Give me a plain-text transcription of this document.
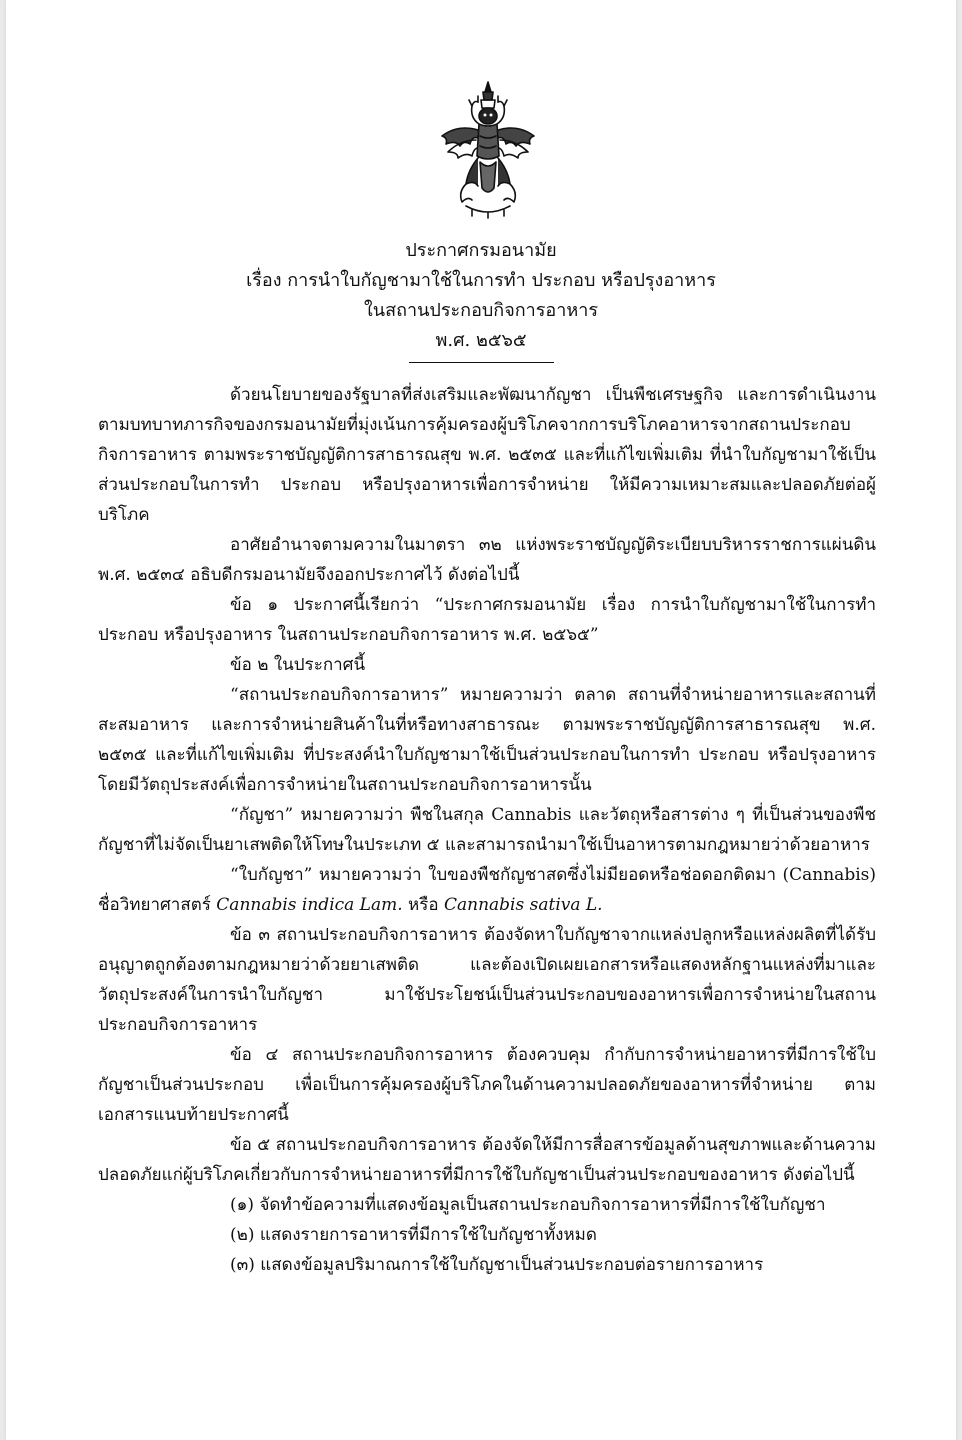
ประกาศกรมอนามัย

เรื่อง การนำใบกัญชามาใช้ในการทำ ประกอบ หรือปรุงอาหาร

ในสถานประกอบกิจการอาหาร

พ.ศ. ๒๕๖๕

ด้วยนโยบายของรัฐบาลที่ส่งเสริมและพัฒนากัญชา เป็นพืชเศรษฐกิจ และการดำเนินงานตามบทบาทภารกิจของกรมอนามัยที่มุ่งเน้นการคุ้มครองผู้บริโภคจากการบริโภคอาหารจากสถานประกอบกิจการอาหาร ตามพระราชบัญญัติการสาธารณสุข พ.ศ. ๒๕๓๕ และที่แก้ไขเพิ่มเติม ที่นำใบกัญชามาใช้เป็นส่วนประกอบในการทำ ประกอบ หรือปรุงอาหารเพื่อการจำหน่าย ให้มีความเหมาะสมและปลอดภัยต่อผู้บริโภค

อาศัยอำนาจตามความในมาตรา ๓๒ แห่งพระราชบัญญัติระเบียบบริหารราชการแผ่นดิน พ.ศ. ๒๕๓๔ อธิบดีกรมอนามัยจึงออกประกาศไว้ ดังต่อไปนี้

ข้อ ๑ ประกาศนี้เรียกว่า “ประกาศกรมอนามัย เรื่อง การนำใบกัญชามาใช้ในการทำ ประกอบ หรือปรุงอาหาร ในสถานประกอบกิจการอาหาร พ.ศ. ๒๕๖๕”

ข้อ ๒ ในประกาศนี้

“สถานประกอบกิจการอาหาร” หมายความว่า ตลาด สถานที่จำหน่ายอาหารและสถานที่สะสมอาหาร และการจำหน่ายสินค้าในที่หรือทางสาธารณะ ตามพระราชบัญญัติการสาธารณสุข พ.ศ. ๒๕๓๕ และที่แก้ไขเพิ่มเติม ที่ประสงค์นำใบกัญชามาใช้เป็นส่วนประกอบในการทำ ประกอบ หรือปรุงอาหาร โดยมีวัตถุประสงค์เพื่อการจำหน่ายในสถานประกอบกิจการอาหารนั้น

“กัญชา” หมายความว่า พืชในสกุล Cannabis และวัตถุหรือสารต่าง ๆ ที่เป็นส่วนของพืชกัญชาที่ไม่จัดเป็นยาเสพติดให้โทษในประเภท ๕ และสามารถนำมาใช้เป็นอาหารตามกฎหมายว่าด้วยอาหาร

“ใบกัญชา” หมายความว่า ใบของพืชกัญชาสดซึ่งไม่มียอดหรือช่อดอกติดมา (Cannabis) ชื่อวิทยาศาสตร์ Cannabis indica Lam. หรือ Cannabis sativa L.

ข้อ ๓ สถานประกอบกิจการอาหาร ต้องจัดหาใบกัญชาจากแหล่งปลูกหรือแหล่งผลิตที่ได้รับอนุญาตถูกต้องตามกฎหมายว่าด้วยยาเสพติด และต้องเปิดเผยเอกสารหรือแสดงหลักฐานแหล่งที่มาและวัตถุประสงค์ในการนำใบกัญชา มาใช้ประโยชน์เป็นส่วนประกอบของอาหารเพื่อการจำหน่ายในสถานประกอบกิจการอาหาร

ข้อ ๔ สถานประกอบกิจการอาหาร ต้องควบคุม กำกับการจำหน่ายอาหารที่มีการใช้ใบกัญชาเป็นส่วนประกอบ เพื่อเป็นการคุ้มครองผู้บริโภคในด้านความปลอดภัยของอาหารที่จำหน่าย ตามเอกสารแนบท้ายประกาศนี้

ข้อ ๕ สถานประกอบกิจการอาหาร ต้องจัดให้มีการสื่อสารข้อมูลด้านสุขภาพและด้านความปลอดภัยแก่ผู้บริโภคเกี่ยวกับการจำหน่ายอาหารที่มีการใช้ใบกัญชาเป็นส่วนประกอบของอาหาร ดังต่อไปนี้

(๑) จัดทำข้อความที่แสดงข้อมูลเป็นสถานประกอบกิจการอาหารที่มีการใช้ใบกัญชา

(๒) แสดงรายการอาหารที่มีการใช้ใบกัญชาทั้งหมด

(๓) แสดงข้อมูลปริมาณการใช้ใบกัญชาเป็นส่วนประกอบต่อรายการอาหาร
